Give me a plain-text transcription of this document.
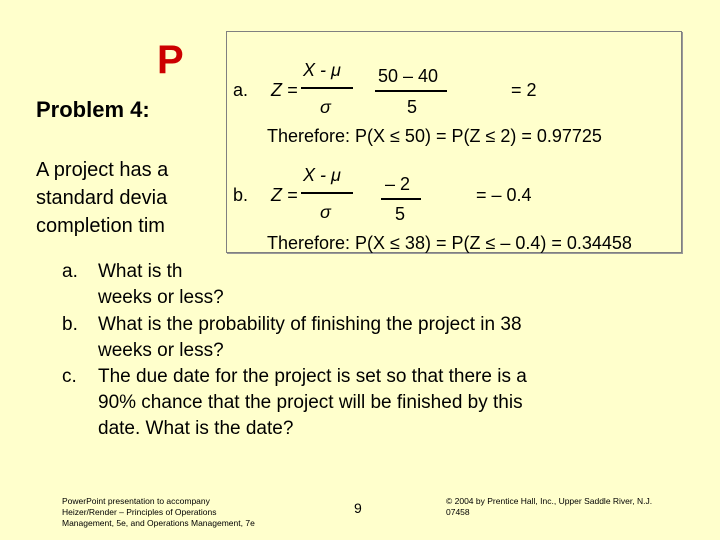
P
Problem 4:
A project has a
standard devia
completion tim
a. What is th
weeks or less?
b. What is the probability of finishing the project in 38
weeks or less?
c. The due date for the project is set so that there is a
90% chance that the project will be finished by this
date. What is the date?
a. Z =
X - μ
σ
50 – 40
5
= 2
Therefore: P(X ≤ 50) = P(Z ≤ 2) = 0.97725
b. Z =
X - μ
σ
– 2
5
= – 0.4
Therefore: P(X ≤ 38) = P(Z ≤ – 0.4) = 0.34458
PowerPoint presentation to accompany
Heizer/Render – Principles of Operations
Management, 5e, and Operations Management, 7e
9	© 2004 by Prentice Hall, Inc., Upper Saddle River, N.J.
07458
